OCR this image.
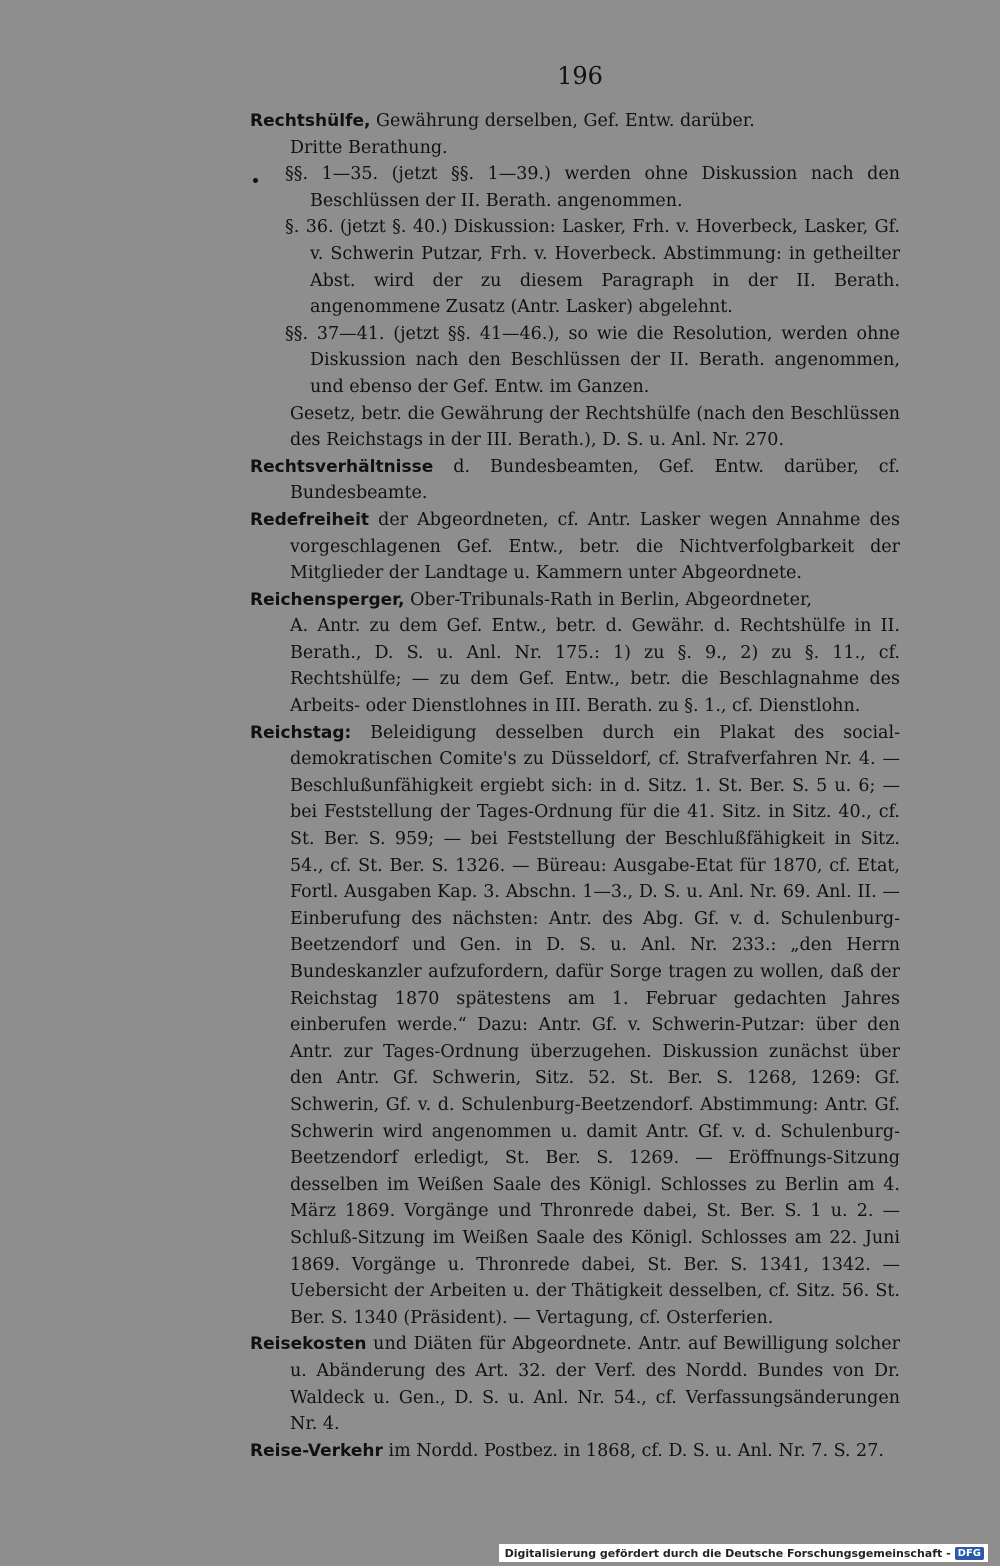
196

Rechtshülfe, Gewährung derselben, Gef. Entw. darüber.

Dritte Berathung.

§§. 1—35. (jetzt §§. 1—39.) werden ohne Diskussion nach den Beschlüssen der II. Berath. angenommen.

§. 36. (jetzt §. 40.) Diskussion: Lasker, Frh. v. Hoverbeck, Lasker, Gf. v. Schwerin Putzar, Frh. v. Hoverbeck. Abstimmung: in getheilter Abst. wird der zu diesem Paragraph in der II. Berath. angenommene Zusatz (Antr. Lasker) abgelehnt.

§§. 37—41. (jetzt §§. 41—46.), so wie die Resolution, werden ohne Diskussion nach den Beschlüssen der II. Berath. angenommen, und ebenso der Gef. Entw. im Ganzen.

Gesetz, betr. die Gewährung der Rechtshülfe (nach den Beschlüssen des Reichstags in der III. Berath.), D. S. u. Anl. Nr. 270.

Rechtsverhältnisse d. Bundesbeamten, Gef. Entw. darüber, cf. Bundesbeamte.

Redefreiheit der Abgeordneten, cf. Antr. Lasker wegen Annahme des vorgeschlagenen Gef. Entw., betr. die Nichtverfolgbarkeit der Mitglieder der Landtage u. Kammern unter Abgeordnete.

Reichensperger, Ober-Tribunals-Rath in Berlin, Abgeordneter,

A. Antr. zu dem Gef. Entw., betr. d. Gewähr. d. Rechtshülfe in II. Berath., D. S. u. Anl. Nr. 175.: 1) zu §. 9., 2) zu §. 11., cf. Rechtshülfe; — zu dem Gef. Entw., betr. die Beschlagnahme des Arbeits- oder Dienstlohnes in III. Berath. zu §. 1., cf. Dienstlohn.

Reichstag: Beleidigung desselben durch ein Plakat des social-demokratischen Comite's zu Düsseldorf, cf. Strafverfahren Nr. 4. — Beschlußunfähigkeit ergiebt sich: in d. Sitz. 1. St. Ber. S. 5 u. 6; — bei Feststellung der Tages-Ordnung für die 41. Sitz. in Sitz. 40., cf. St. Ber. S. 959; — bei Feststellung der Beschlußfähigkeit in Sitz. 54., cf. St. Ber. S. 1326. — Büreau: Ausgabe-Etat für 1870, cf. Etat, Fortl. Ausgaben Kap. 3. Abschn. 1—3., D. S. u. Anl. Nr. 69. Anl. II. — Einberufung des nächsten: Antr. des Abg. Gf. v. d. Schulenburg-Beetzendorf und Gen. in D. S. u. Anl. Nr. 233.: „den Herrn Bundeskanzler aufzufordern, dafür Sorge tragen zu wollen, daß der Reichstag 1870 spätestens am 1. Februar gedachten Jahres einberufen werde.“ Dazu: Antr. Gf. v. Schwerin-Putzar: über den Antr. zur Tages-Ordnung überzugehen. Diskussion zunächst über den Antr. Gf. Schwerin, Sitz. 52. St. Ber. S. 1268, 1269: Gf. Schwerin, Gf. v. d. Schulenburg-Beetzendorf. Abstimmung: Antr. Gf. Schwerin wird angenommen u. damit Antr. Gf. v. d. Schulenburg-Beetzendorf erledigt, St. Ber. S. 1269. — Eröffnungs-Sitzung desselben im Weißen Saale des Königl. Schlosses zu Berlin am 4. März 1869. Vorgänge und Thronrede dabei, St. Ber. S. 1 u. 2. — Schluß-Sitzung im Weißen Saale des Königl. Schlosses am 22. Juni 1869. Vorgänge u. Thronrede dabei, St. Ber. S. 1341, 1342. — Uebersicht der Arbeiten u. der Thätigkeit desselben, cf. Sitz. 56. St. Ber. S. 1340 (Präsident). — Vertagung, cf. Osterferien.

Reisekosten und Diäten für Abgeordnete. Antr. auf Bewilligung solcher u. Abänderung des Art. 32. der Verf. des Nordd. Bundes von Dr. Waldeck u. Gen., D. S. u. Anl. Nr. 54., cf. Verfassungsänderungen Nr. 4.

Reise-Verkehr im Nordd. Postbez. in 1868, cf. D. S. u. Anl. Nr. 7. S. 27.

Digitalisierung gefördert durch die Deutsche Forschungsgemeinschaft - DFG
